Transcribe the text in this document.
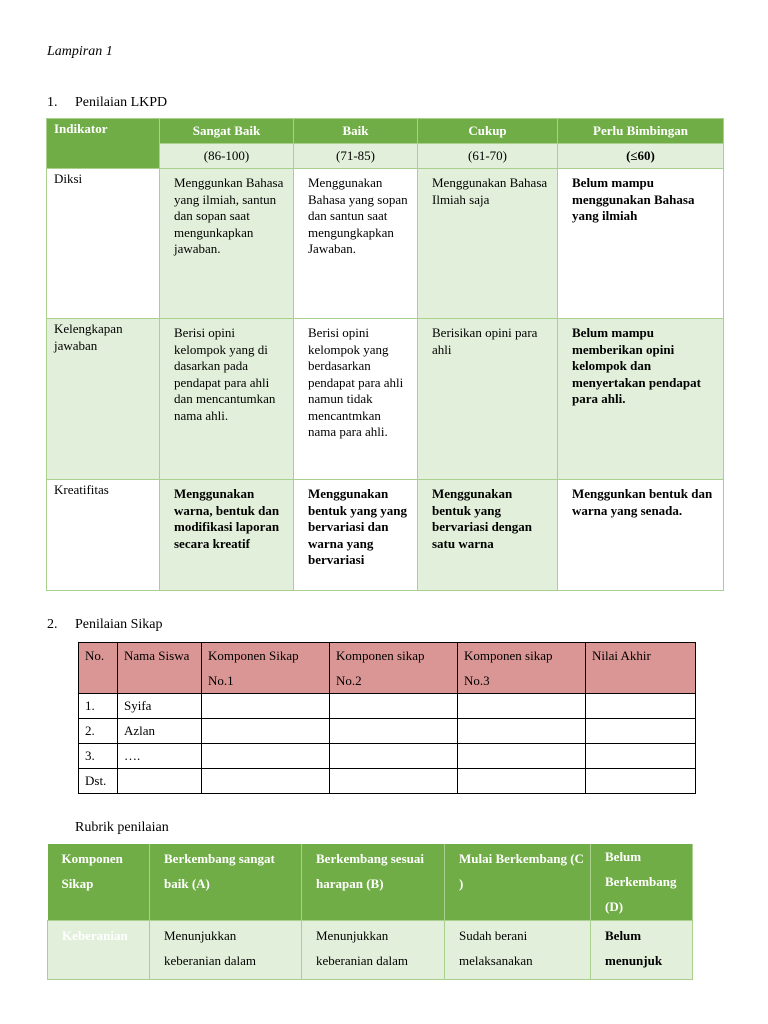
Lampiran 1
1. Penilaian LKPD
Indikator	Sangat Baik	Baik	Cukup	Perlu Bimbingan
	(86-100)	(71-85)	(61-70)	(≤60)
Diksi	Menggunkan Bahasa yang ilmiah, santun dan sopan saat mengunkapkan jawaban.	Menggunakan Bahasa yang sopan dan santun saat mengungkapkan Jawaban.	Menggunakan Bahasa Ilmiah saja	Belum mampu menggunakan Bahasa yang ilmiah
Kelengkapan jawaban	Berisi opini kelompok yang di dasarkan pada pendapat para ahli dan mencantumkan nama ahli.	Berisi opini kelompok yang berdasarkan pendapat para ahli namun tidak mencantmkan nama para ahli.	Berisikan opini para ahli	Belum mampu memberikan opini kelompok dan menyertakan pendapat para ahli.
Kreatifitas	Menggunakan warna, bentuk dan modifikasi laporan secara kreatif	Menggunakan bentuk yang yang bervariasi dan warna yang bervariasi	Menggunakan bentuk yang bervariasi dengan satu warna	Menggunkan bentuk dan warna yang senada.
2. Penilaian Sikap
No.	Nama Siswa	Komponen Sikap No.1	Komponen sikap No.2	Komponen sikap No.3	Nilai Akhir
1.	Syifa				
2.	Azlan				
3.	….				
Dst.					
Rubrik penilaian
Komponen Sikap	Berkembang sangat baik (A)	Berkembang sesuai harapan (B)	Mulai Berkembang (C )	Belum Berkembang (D)
Keberanian	Menunjukkan keberanian dalam	Menunjukkan keberanian dalam	Sudah berani melaksanakan	Belum menunjuk
